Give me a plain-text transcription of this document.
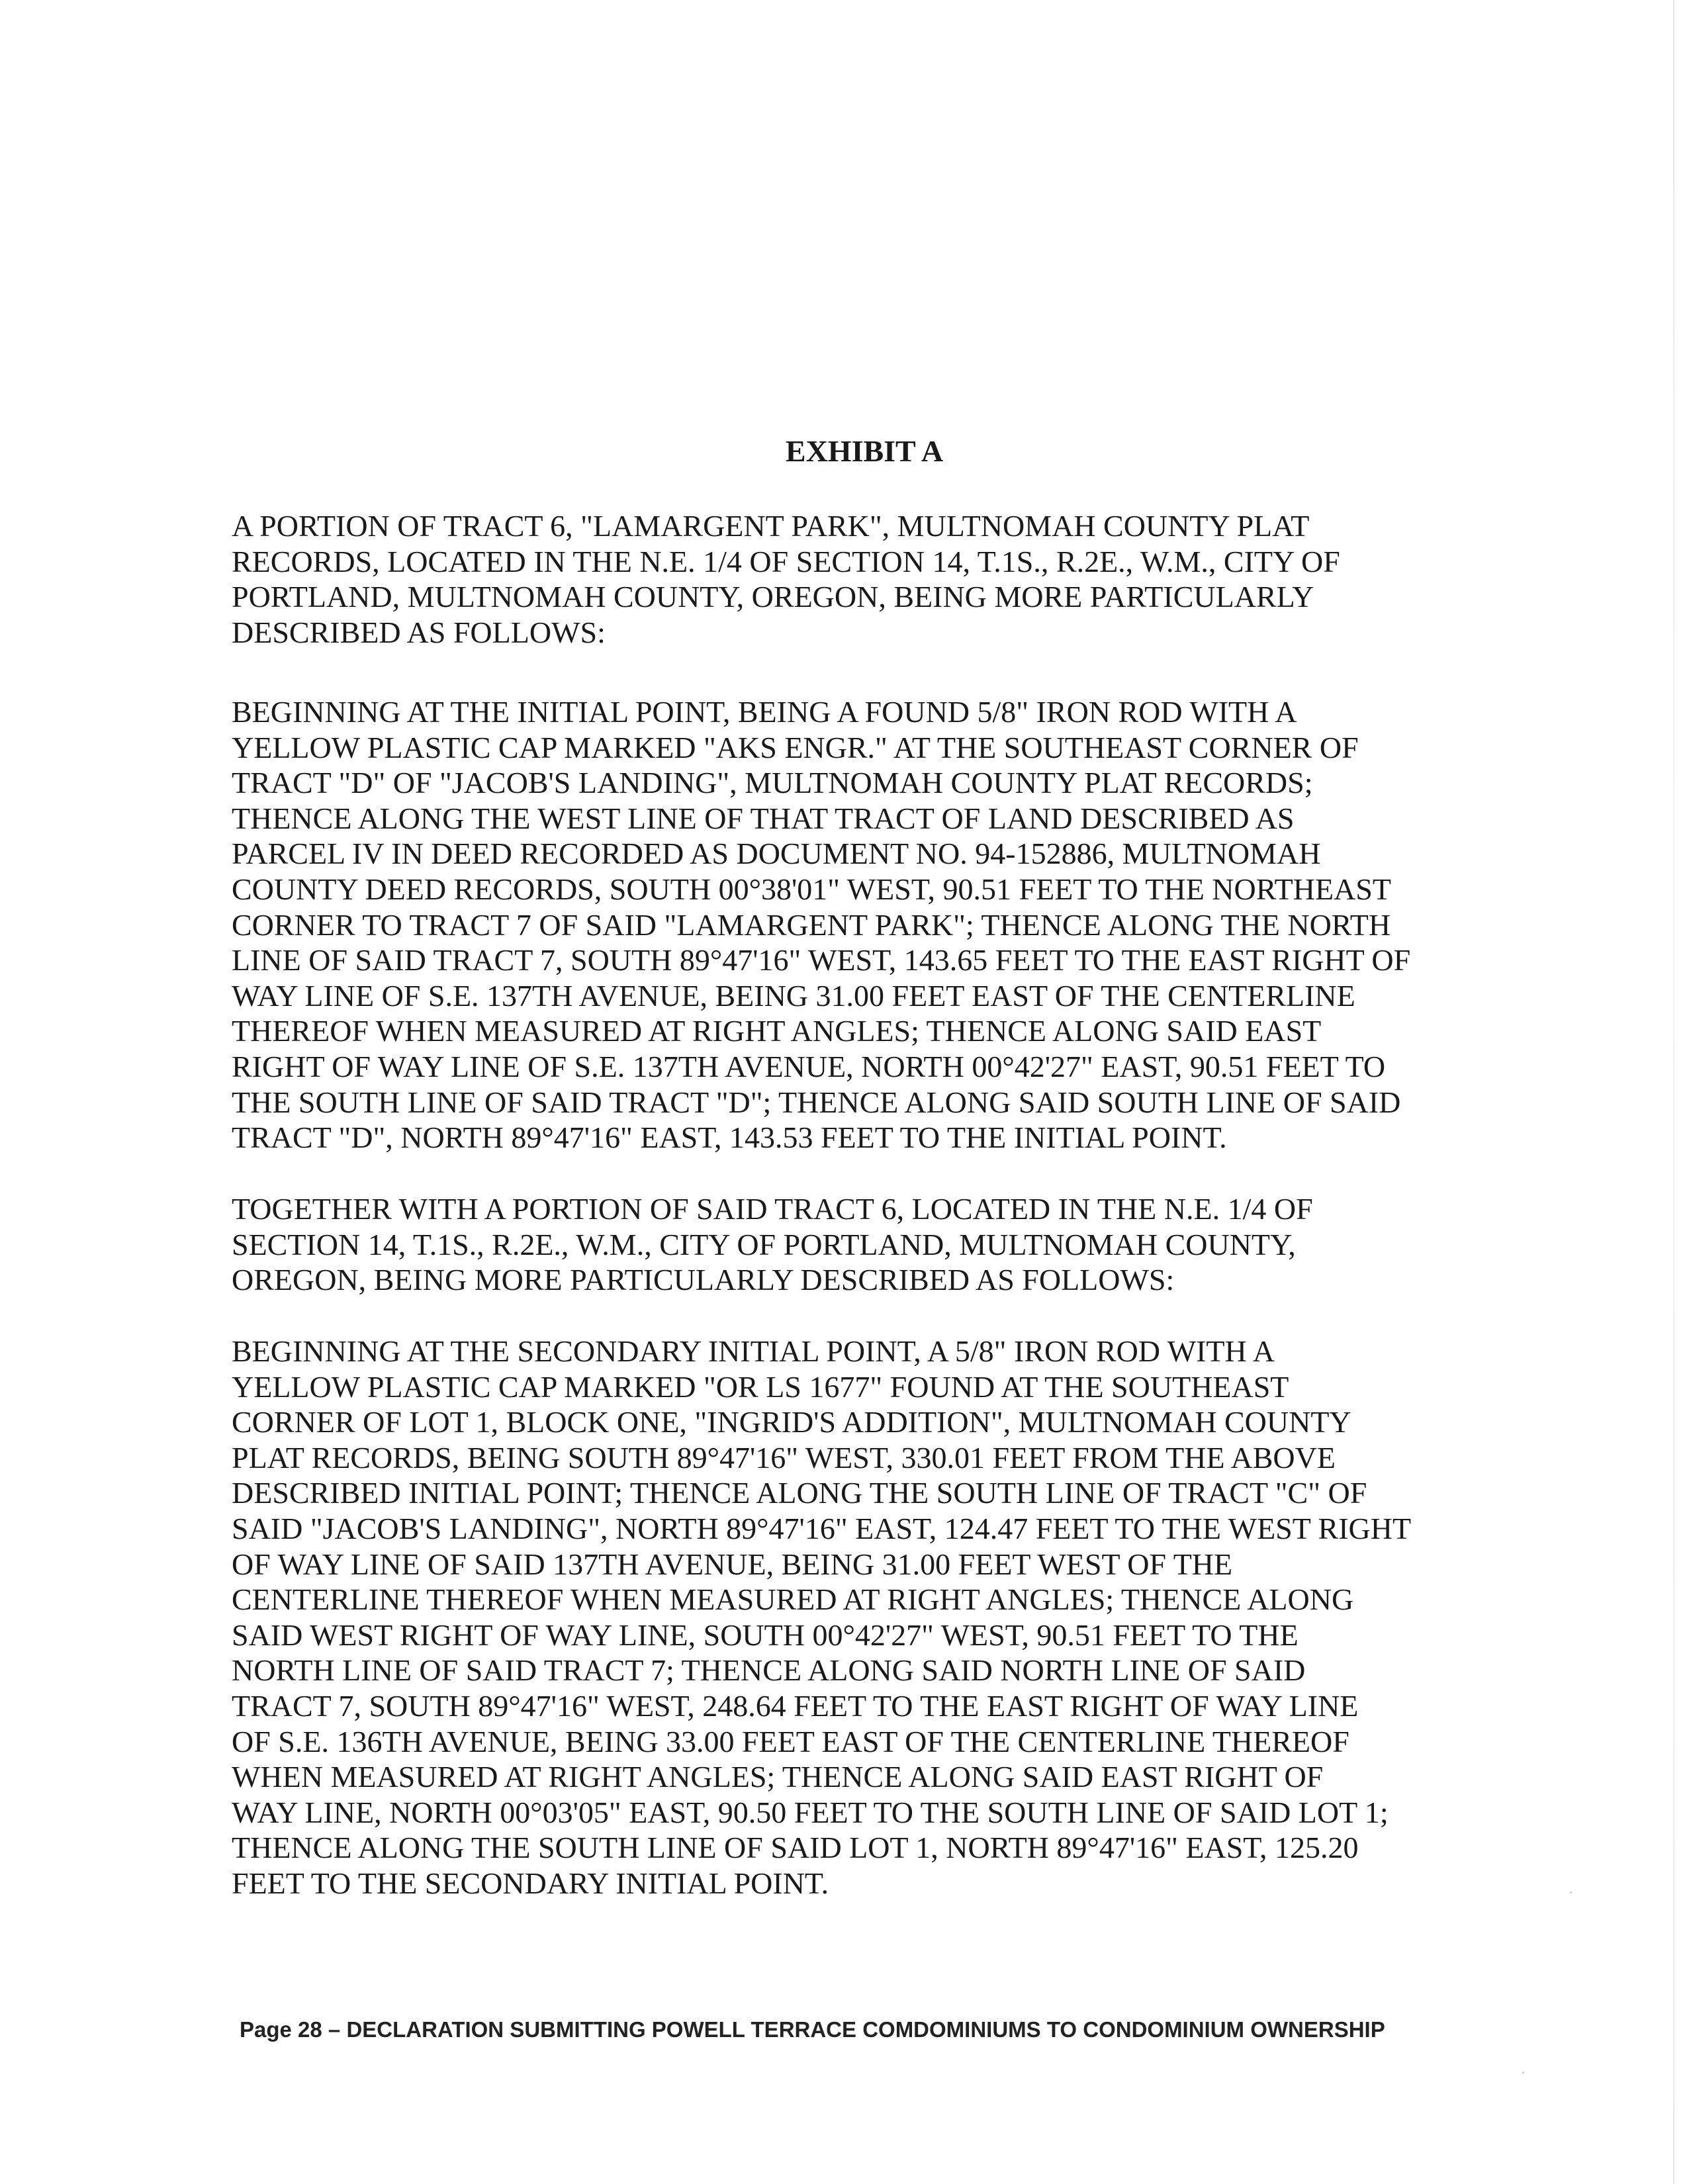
EXHIBIT A

A PORTION OF TRACT 6, "LAMARGENT PARK", MULTNOMAH COUNTY PLAT
RECORDS, LOCATED IN THE N.E. 1/4 OF SECTION 14, T.1S., R.2E., W.M., CITY OF
PORTLAND, MULTNOMAH COUNTY, OREGON, BEING MORE PARTICULARLY
DESCRIBED AS FOLLOWS:

BEGINNING AT THE INITIAL POINT, BEING A FOUND 5/8" IRON ROD WITH A
YELLOW PLASTIC CAP MARKED "AKS ENGR." AT THE SOUTHEAST CORNER OF
TRACT "D" OF "JACOB'S LANDING", MULTNOMAH COUNTY PLAT RECORDS;
THENCE ALONG THE WEST LINE OF THAT TRACT OF LAND DESCRIBED AS
PARCEL IV IN DEED RECORDED AS DOCUMENT NO. 94-152886, MULTNOMAH
COUNTY DEED RECORDS, SOUTH 00°38'01" WEST, 90.51 FEET TO THE NORTHEAST
CORNER TO TRACT 7 OF SAID "LAMARGENT PARK"; THENCE ALONG THE NORTH
LINE OF SAID TRACT 7, SOUTH 89°47'16" WEST, 143.65 FEET TO THE EAST RIGHT OF
WAY LINE OF S.E. 137TH AVENUE, BEING 31.00 FEET EAST OF THE CENTERLINE
THEREOF WHEN MEASURED AT RIGHT ANGLES; THENCE ALONG SAID EAST
RIGHT OF WAY LINE OF S.E. 137TH AVENUE, NORTH 00°42'27" EAST, 90.51 FEET TO
THE SOUTH LINE OF SAID TRACT "D"; THENCE ALONG SAID SOUTH LINE OF SAID
TRACT "D", NORTH 89°47'16" EAST, 143.53 FEET TO THE INITIAL POINT.

TOGETHER WITH A PORTION OF SAID TRACT 6, LOCATED IN THE N.E. 1/4 OF
SECTION 14, T.1S., R.2E., W.M., CITY OF PORTLAND, MULTNOMAH COUNTY,
OREGON, BEING MORE PARTICULARLY DESCRIBED AS FOLLOWS:

BEGINNING AT THE SECONDARY INITIAL POINT, A 5/8" IRON ROD WITH A
YELLOW PLASTIC CAP MARKED "OR LS 1677" FOUND AT THE SOUTHEAST
CORNER OF LOT 1, BLOCK ONE, "INGRID'S ADDITION", MULTNOMAH COUNTY
PLAT RECORDS, BEING SOUTH 89°47'16" WEST, 330.01 FEET FROM THE ABOVE
DESCRIBED INITIAL POINT; THENCE ALONG THE SOUTH LINE OF TRACT "C" OF
SAID "JACOB'S LANDING", NORTH 89°47'16" EAST, 124.47 FEET TO THE WEST RIGHT
OF WAY LINE OF SAID 137TH AVENUE, BEING 31.00 FEET WEST OF THE
CENTERLINE THEREOF WHEN MEASURED AT RIGHT ANGLES; THENCE ALONG
SAID WEST RIGHT OF WAY LINE, SOUTH 00°42'27" WEST, 90.51 FEET TO THE
NORTH LINE OF SAID TRACT 7; THENCE ALONG SAID NORTH LINE OF SAID
TRACT 7, SOUTH 89°47'16" WEST, 248.64 FEET TO THE EAST RIGHT OF WAY LINE
OF S.E. 136TH AVENUE, BEING 33.00 FEET EAST OF THE CENTERLINE THEREOF
WHEN MEASURED AT RIGHT ANGLES; THENCE ALONG SAID EAST RIGHT OF
WAY LINE, NORTH 00°03'05" EAST, 90.50 FEET TO THE SOUTH LINE OF SAID LOT 1;
THENCE ALONG THE SOUTH LINE OF SAID LOT 1, NORTH 89°47'16" EAST, 125.20
FEET TO THE SECONDARY INITIAL POINT.

Page 28 – DECLARATION SUBMITTING POWELL TERRACE COMDOMINIUMS TO CONDOMINIUM OWNERSHIP
